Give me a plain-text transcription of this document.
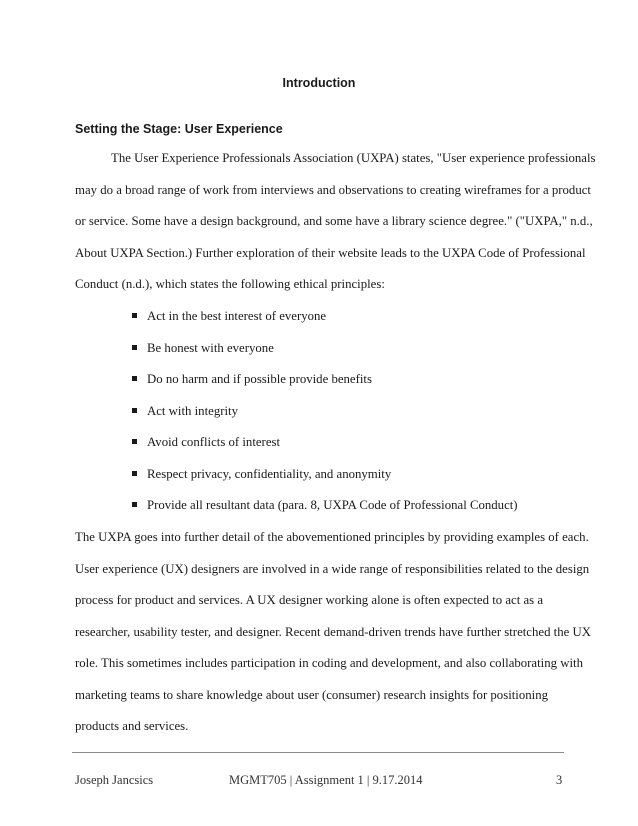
Introduction
Setting the Stage: User Experience
The User Experience Professionals Association (UXPA) states, "User experience professionals
may do a broad range of work from interviews and observations to creating wireframes for a product
or service. Some have a design background, and some have a library science degree." ("UXPA," n.d.,
About UXPA Section.) Further exploration of their website leads to the UXPA Code of Professional
Conduct (n.d.), which states the following ethical principles:
Act in the best interest of everyone
Be honest with everyone
Do no harm and if possible provide benefits
Act with integrity
Avoid conflicts of interest
Respect privacy, confidentiality, and anonymity
Provide all resultant data (para. 8, UXPA Code of Professional Conduct)
The UXPA goes into further detail of the abovementioned principles by providing examples of each.
User experience (UX) designers are involved in a wide range of responsibilities related to the design
process for product and services. A UX designer working alone is often expected to act as a
researcher, usability tester, and designer. Recent demand-driven trends have further stretched the UX
role. This sometimes includes participation in coding and development, and also collaborating with
marketing teams to share knowledge about user (consumer) research insights for positioning
products and services.
Joseph Jancsics	MGMT705 | Assignment 1 | 9.17.2014	3
